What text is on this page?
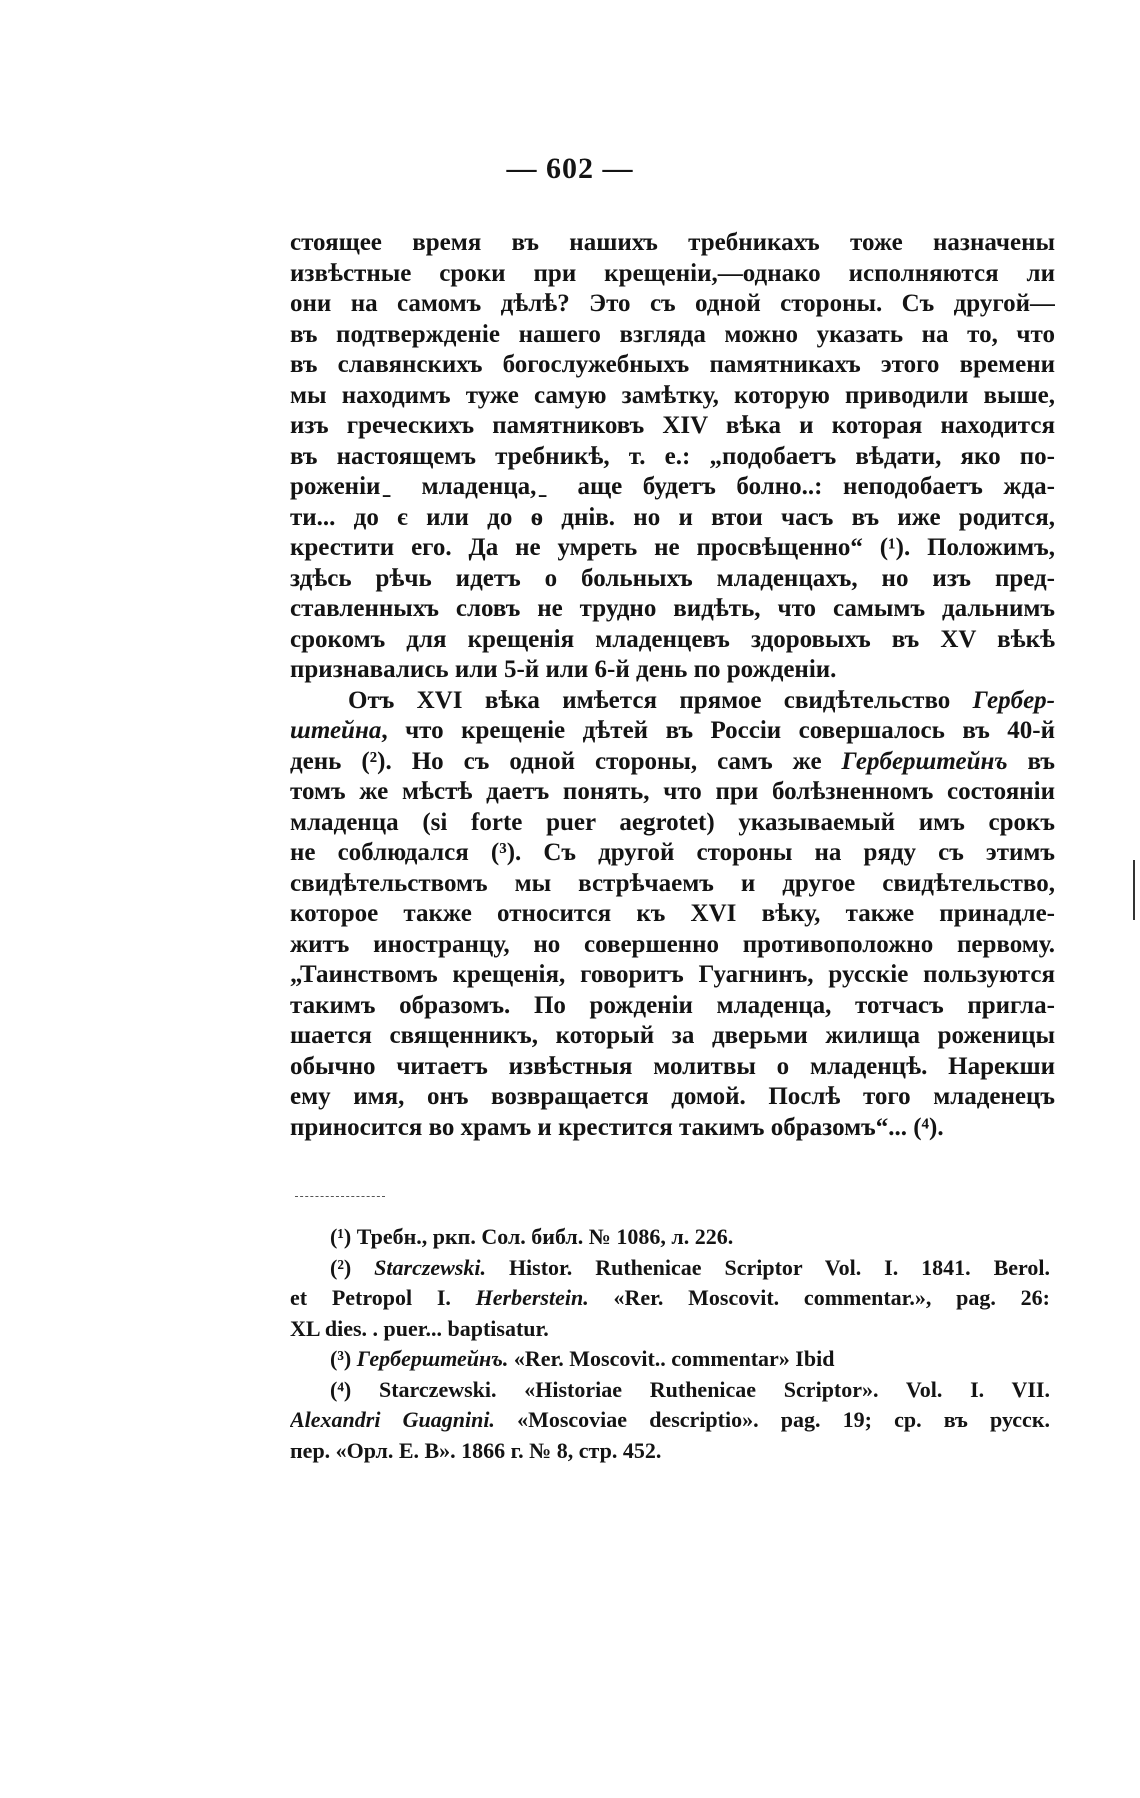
— 602 —
стоящее время въ нашихъ требникахъ тоже назначены
извѣстные сроки при крещеніи,—однако исполняются ли
они на самомъ дѣлѣ? Это съ одной стороны. Съ другой—
въ подтвержденіе нашего взгляда можно указать на то, что
въ славянскихъ богослужебныхъ памятникахъ этого времени
мы находимъ туже самую замѣтку, которую приводили выше,
изъ греческихъ памятниковъ XIV вѣка и которая находится
въ настоящемъ требникѣ, т. е.: „подобаетъ вѣдати, яко по-
роженіи ̱ младенца, ̱ аще будетъ болно..: неподобаетъ ждa-
ти... до є или до ѳ днів. но и втои часъ въ иже родится,
крестити его. Да не умреть не просвѣщенно“ (¹). Положимъ,
здѣсь рѣчь идетъ о больныхъ младенцахъ, но изъ пред-
ставленныхъ словъ не трудно видѣть, что самымъ дальнимъ
срокомъ для крещенія младенцевъ здоровыхъ въ XV вѣкѣ
признавались или 5-й или 6-й день по рожденіи.
Отъ XVI вѣка имѣется прямое свидѣтельство Гербер-
штейна, что крещеніе дѣтей въ Россіи совершалось въ 40-й
день (²). Но съ одной стороны, самъ же Герберштейнъ въ
томъ же мѣстѣ даетъ понять, что при болѣзненномъ состояніи
младенца (si forte puer aegrotet) указываемый имъ срокъ
не соблюдался (³). Съ другой стороны на ряду съ этимъ
свидѣтельствомъ мы встрѣчаемъ и другое свидѣтельство,
которое также относится къ XVI вѣку, также принадле-
житъ иностранцу, но совершенно противоположно первому.
„Таинствомъ крещенія, говоритъ Гуагнинъ, русскіе пользуются
такимъ образомъ. По рожденіи младенца, тотчасъ пригла-
шается священникъ, который за дверьми жилища роженицы
обычно читаетъ извѣстныя молитвы о младенцѣ. Нарекши
ему имя, онъ возвращается домой. Послѣ того младенецъ
приносится во храмъ и крестится такимъ образомъ“... (⁴).
(¹) Требн., ркп. Сол. библ. № 1086, л. 226.
(²) Starczewski. Histor. Ruthenicae Scriptor Vol. I. 1841. Berol.
et Petropol I. Herberstein. «Rer. Moscovit. commentar.», pag. 26:
XL dies. . puer... baptisatur.
(³) Герберштейнъ. «Rer. Moscovit.. commentar» Ibid
(⁴) Starczewski. «Historiae Ruthenicae Scriptor». Vol. I. VII.
Alexandri Guagnini. «Moscoviae descriptio». pag. 19; ср. въ русск.
пер. «Орл. Е. В». 1866 г. № 8, стр. 452.
